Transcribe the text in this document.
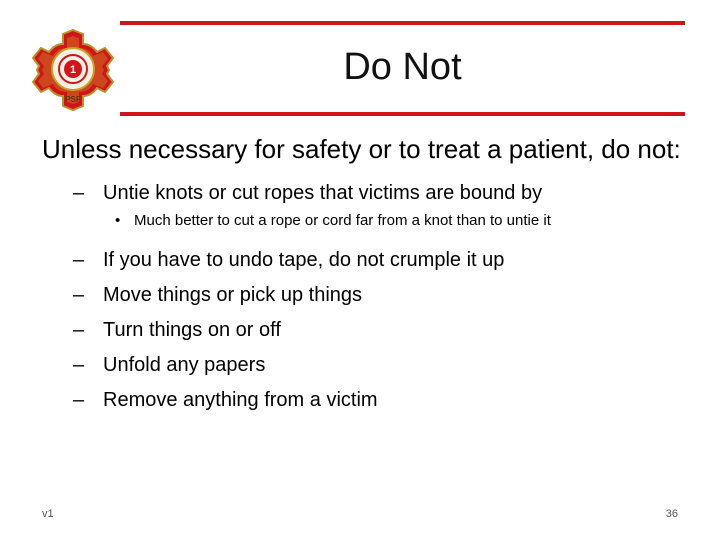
1
PSF
Do Not

Unless necessary for safety or to treat a patient, do not:

– Untie knots or cut ropes that victims are bound by
• Much better to cut a rope or cord far from a knot than to untie it
– If you have to undo tape, do not crumple it up
– Move things or pick up things
– Turn things on or off
– Unfold any papers
– Remove anything from a victim
v1	36
